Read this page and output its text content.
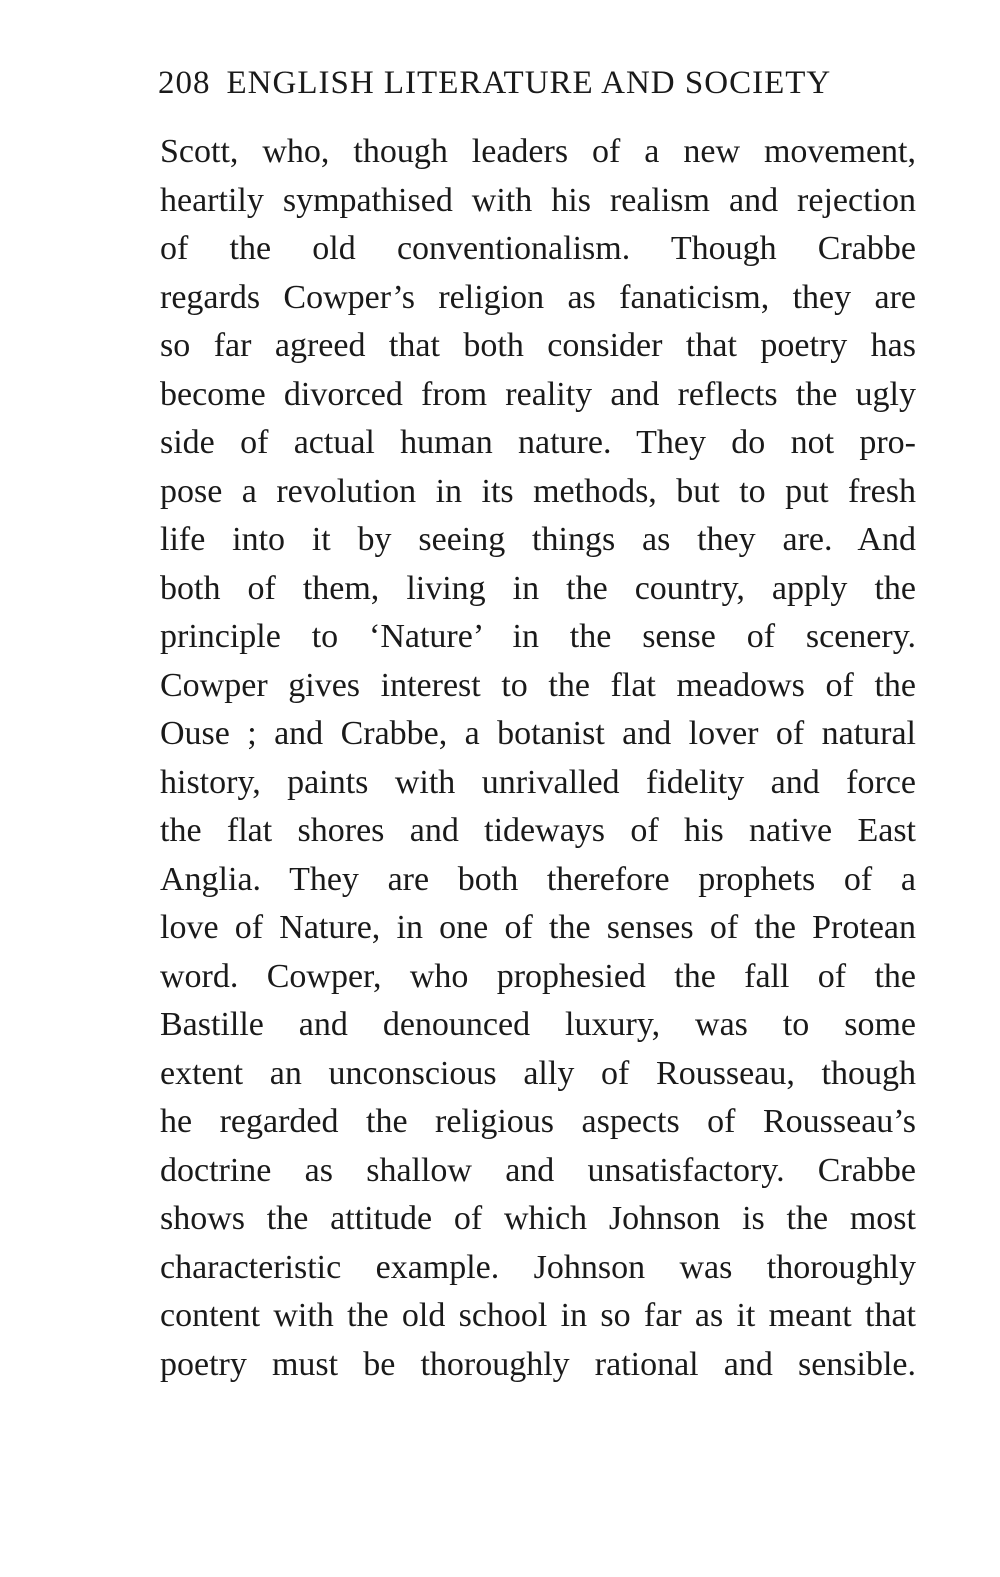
208 ENGLISH LITERATURE AND SOCIETY
Scott, who, though leaders of a new movement,
heartily sympathised with his realism and rejection
of the old conventionalism. Though Crabbe
regards Cowper’s religion as fanaticism, they are
so far agreed that both consider that poetry has
become divorced from reality and reflects the ugly
side of actual human nature. They do not pro-
pose a revolution in its methods, but to put fresh
life into it by seeing things as they are. And
both of them, living in the country, apply the
principle to ‘Nature’ in the sense of scenery.
Cowper gives interest to the flat meadows of the
Ouse ; and Crabbe, a botanist and lover of natural
history, paints with unrivalled fidelity and force
the flat shores and tideways of his native East
Anglia. They are both therefore prophets of a
love of Nature, in one of the senses of the Protean
word. Cowper, who prophesied the fall of the
Bastille and denounced luxury, was to some
extent an unconscious ally of Rousseau, though
he regarded the religious aspects of Rousseau’s
doctrine as shallow and unsatisfactory. Crabbe
shows the attitude of which Johnson is the most
characteristic example. Johnson was thoroughly
content with the old school in so far as it meant that
poetry must be thoroughly rational and sensible.
